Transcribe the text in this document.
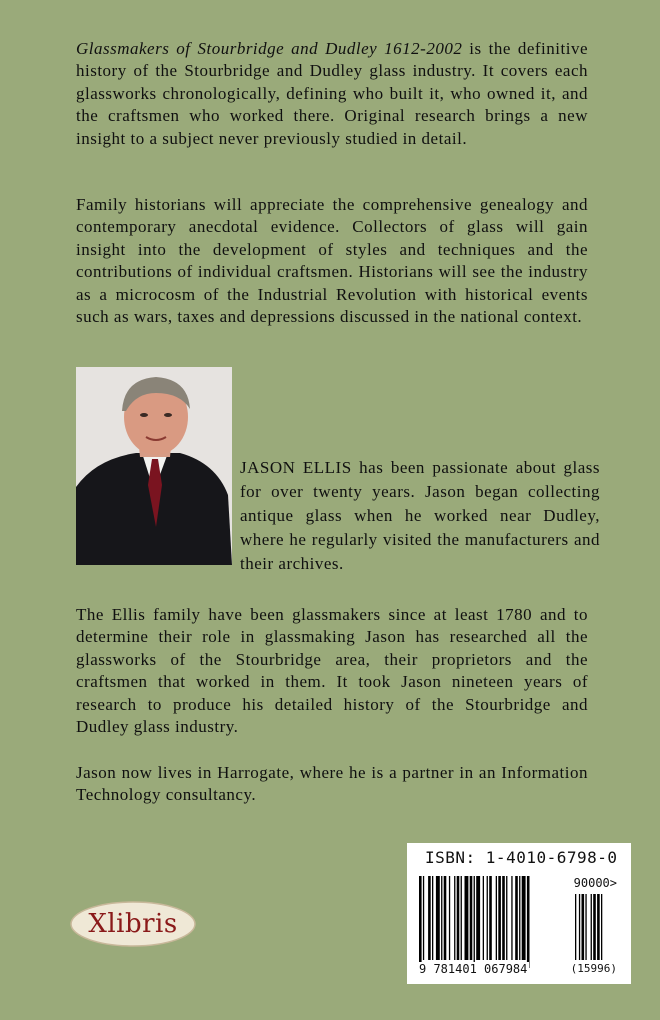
Glassmakers of Stourbridge and Dudley 1612-2002 is the definitive history of the Stourbridge and Dudley glass industry. It covers each glassworks chronologically, defining who built it, who owned it, and the craftsmen who worked there. Original research brings a new insight to a subject never previously studied in detail.

Family historians will appreciate the comprehensive genealogy and contemporary anecdotal evidence. Collectors of glass will gain insight into the development of styles and techniques and the contributions of individual craftsmen. Historians will see the industry as a microcosm of the Industrial Revolution with historical events such as wars, taxes and depressions discussed in the national context.

JASON ELLIS has been passionate about glass for over twenty years. Jason began collecting antique glass when he worked near Dudley, where he regularly visited the manufacturers and their archives.

The Ellis family have been glassmakers since at least 1780 and to determine their role in glassmaking Jason has researched all the glassworks of the Stourbridge area, their proprietors and the craftsmen that worked in them. It took Jason nineteen years of research to produce his detailed history of the Stourbridge and Dudley glass industry.

Jason now lives in Harrogate, where he is a partner in an Information Technology consultancy.

Xlibris
ISBN: 1-4010-6798-0
90000>
9 781401 067984	(15996)
